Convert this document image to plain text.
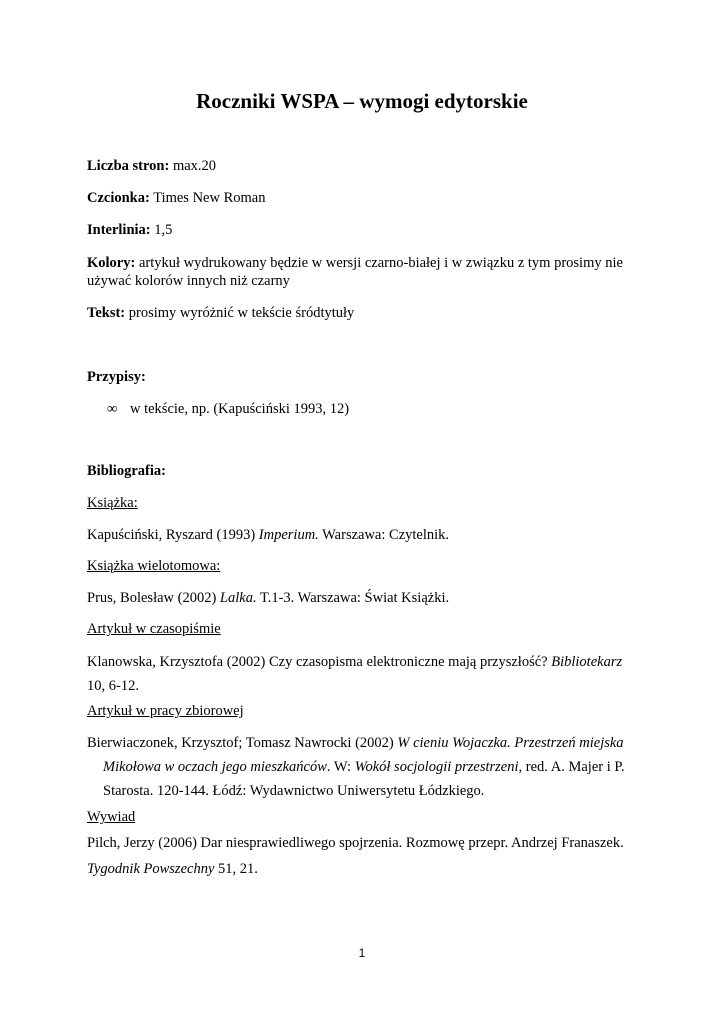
Roczniki WSPA – wymogi edytorskie
Liczba stron: max.20
Czcionka: Times New Roman
Interlinia: 1,5
Kolory: artykuł wydrukowany będzie w wersji czarno-białej i w związku z tym prosimy nie
używać kolorów innych niż czarny
Tekst: prosimy wyróżnić w tekście śródtytuły
Przypisy:
∞ w tekście, np. (Kapuściński 1993, 12)
Bibliografia:
Książka:
Kapuściński, Ryszard (1993) Imperium. Warszawa: Czytelnik.
Książka wielotomowa:
Prus, Bolesław (2002) Lalka. T.1-3. Warszawa: Świat Książki.
Artykuł w czasopiśmie
Klanowska, Krzysztofa (2002) Czy czasopisma elektroniczne mają przyszłość? Bibliotekarz
10, 6-12.
Artykuł w pracy zbiorowej
Bierwiaczonek, Krzysztof; Tomasz Nawrocki (2002) W cieniu Wojaczka. Przestrzeń miejska
Mikołowa w oczach jego mieszkańców. W: Wokół socjologii przestrzeni, red. A. Majer i P.
Starosta. 120-144. Łódź: Wydawnictwo Uniwersytetu Łódzkiego.
Wywiad
Pilch, Jerzy (2006) Dar niesprawiedliwego spojrzenia. Rozmowę przepr. Andrzej Franaszek.
Tygodnik Powszechny 51, 21.
1
